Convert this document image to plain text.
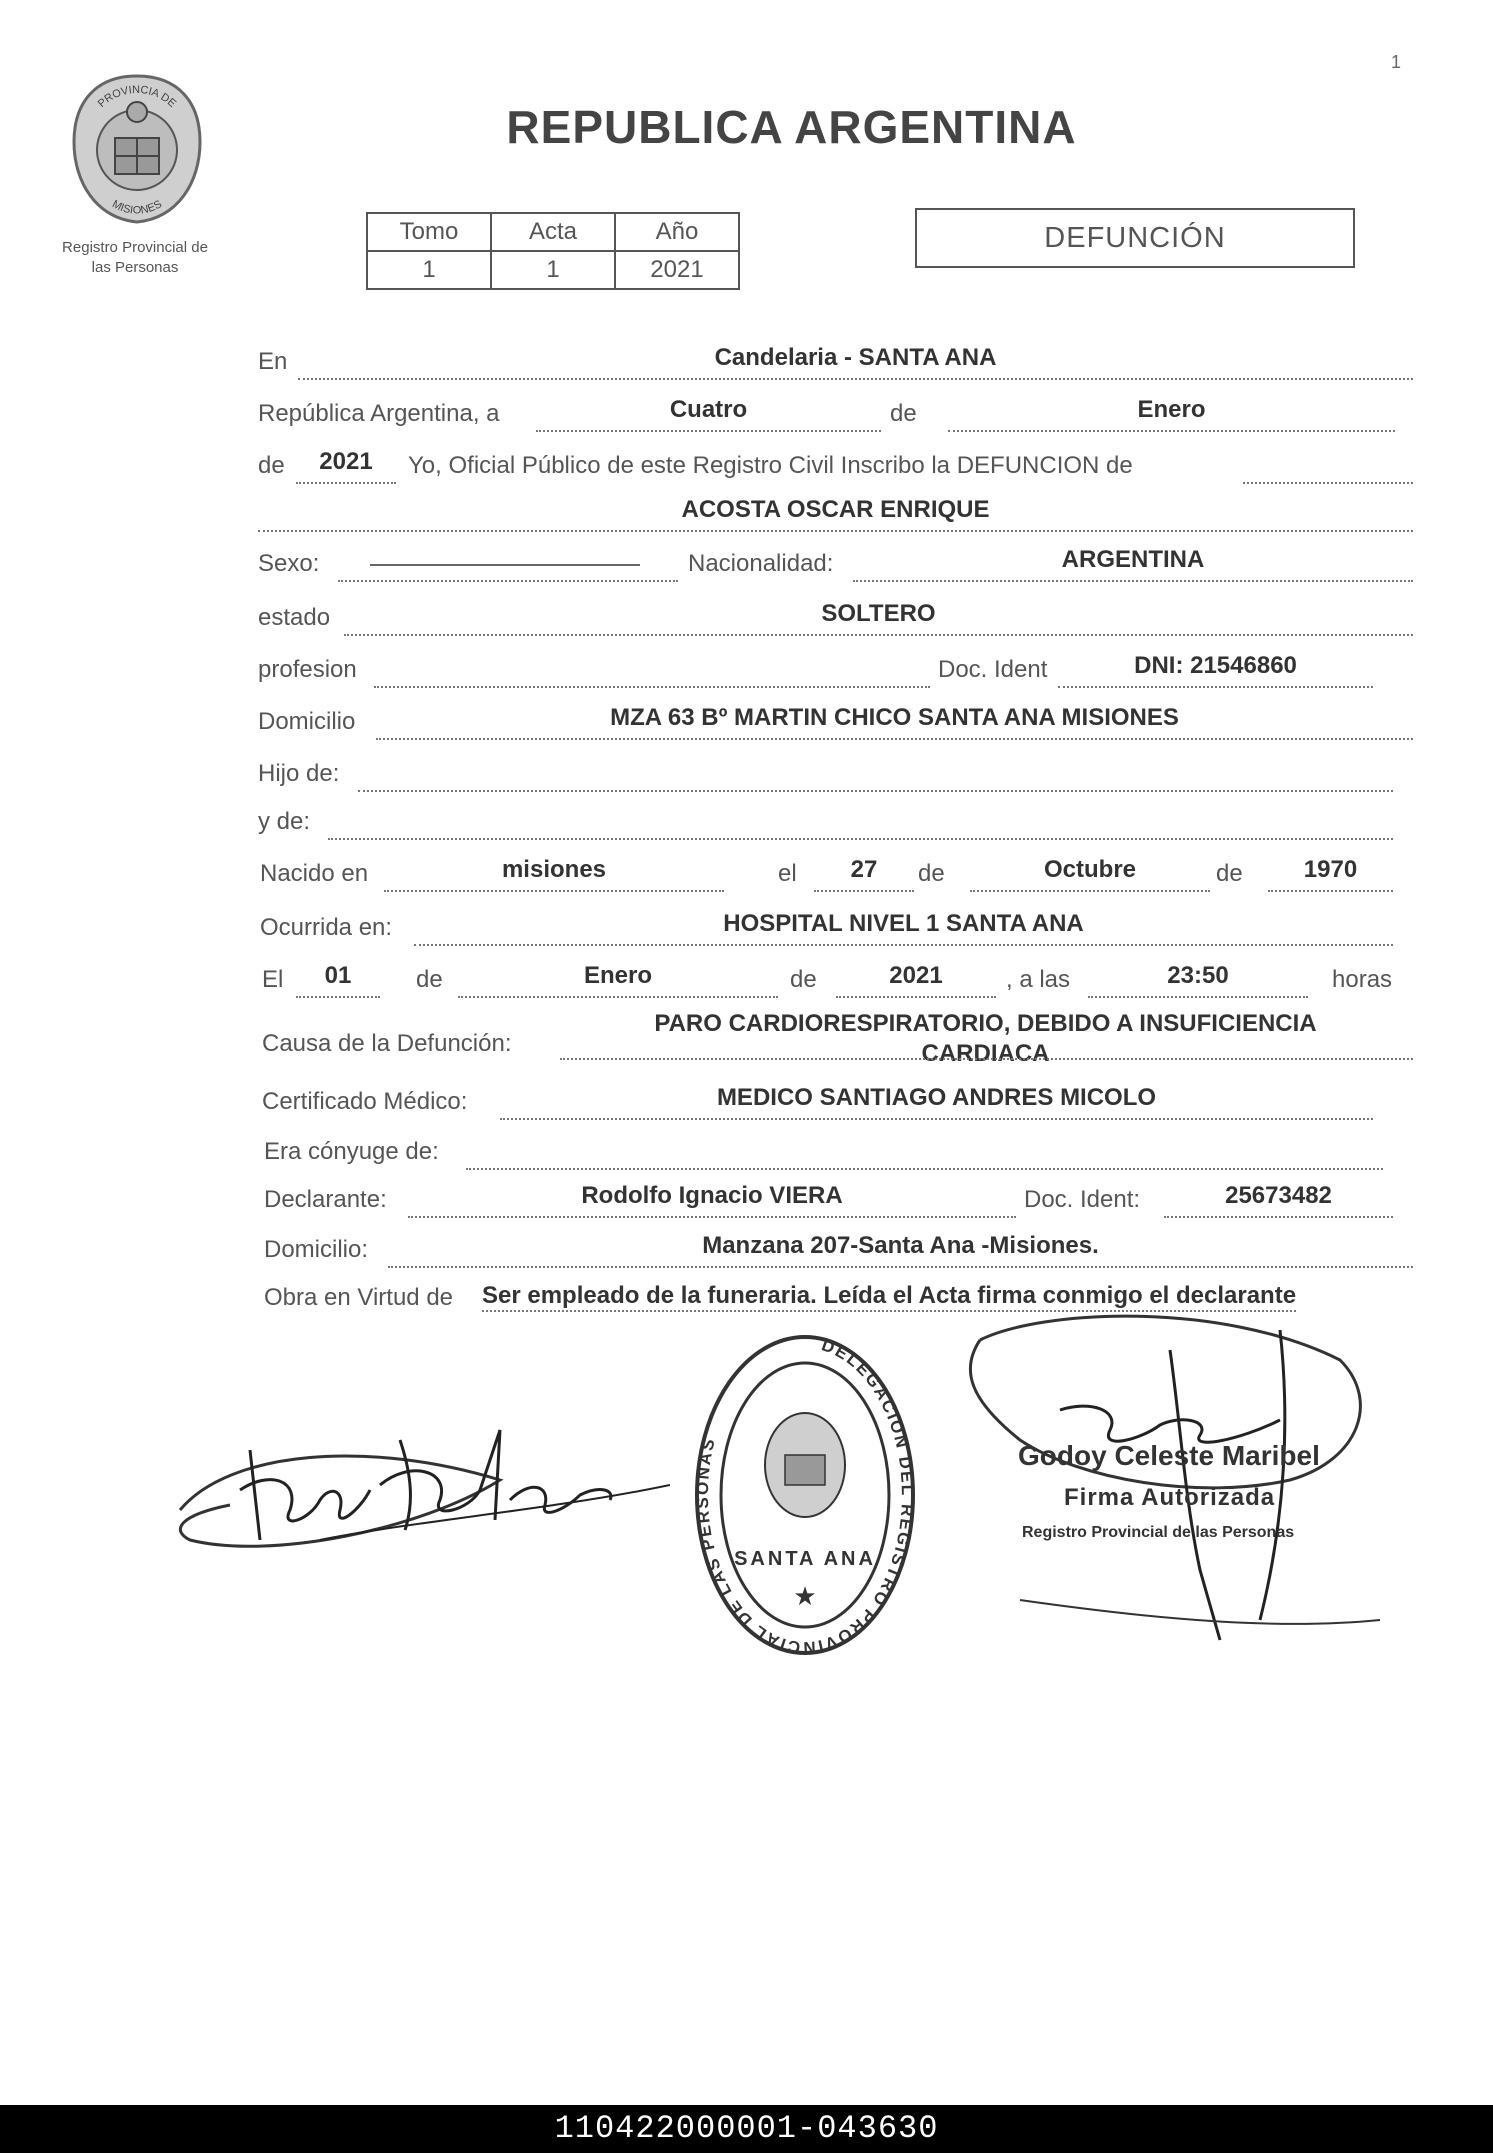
1
PROVINCIA DE
MISIONES
Registro Provincial de
las Personas
REPUBLICA ARGENTINA
Tomo	Acta	Año
1	1	2021
DEFUNCIÓN
En	Candelaria - SANTA ANA
República Argentina, a	Cuatro	de	Enero
de	2021	Yo, Oficial Público de este Registro Civil Inscribo la DEFUNCION de
ACOSTA OSCAR ENRIQUE
Sexo:	Nacionalidad:	ARGENTINA
estado	SOLTERO
profesion	Doc. Ident	DNI: 21546860
Domicilio	MZA 63 Bº MARTIN CHICO SANTA ANA MISIONES
Hijo de:
y de:
Nacido en	misiones	el	27	de	Octubre	de	1970
Ocurrida en:	HOSPITAL NIVEL 1 SANTA ANA
El	01	de	Enero	de	2021	, a las	23:50	horas
Causa de la Defunción:
PARO CARDIORESPIRATORIO, DEBIDO A INSUFICIENCIA
CARDIACA
Certificado Médico:	MEDICO SANTIAGO ANDRES MICOLO
Era cónyuge de:
Declarante:	Rodolfo Ignacio VIERA	Doc. Ident:	25673482
Domicilio:	Manzana 207-Santa Ana -Misiones.
Obra en Virtud de Ser empleado de la funeraria. Leída el Acta firma conmigo el declarante
DELEGACION DEL REGISTRO PROVINCIAL DE LAS PERSONAS
SANTA ANA
★
Godoy Celeste Maribel
Firma Autorizada
Registro Provincial de las Personas
110422000001-043630
